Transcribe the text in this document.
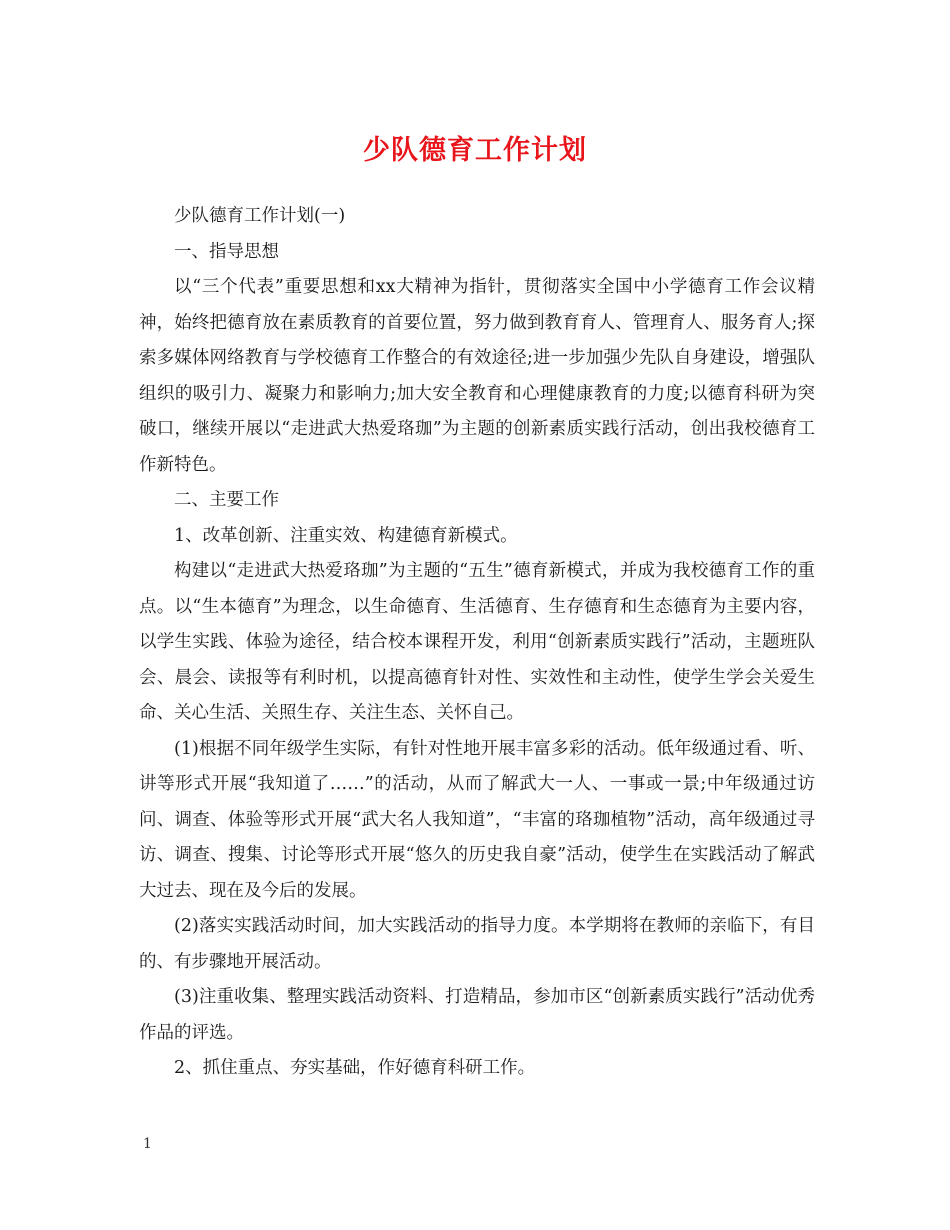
少队德育工作计划

少队德育工作计划(一)

一、指导思想

以“三个代表”重要思想和xx大精神为指针，贯彻落实全国中小学德育工作会议精神，始终把德育放在素质教育的首要位置，努力做到教育育人、管理育人、服务育人;探索多媒体网络教育与学校德育工作整合的有效途径;进一步加强少先队自身建设，增强队组织的吸引力、凝聚力和影响力;加大安全教育和心理健康教育的力度;以德育科研为突破口，继续开展以“走进武大热爱珞珈”为主题的创新素质实践行活动，创出我校德育工作新特色。

二、主要工作

1、改革创新、注重实效、构建德育新模式。

构建以“走进武大热爱珞珈”为主题的“五生”德育新模式，并成为我校德育工作的重点。以“生本德育”为理念，以生命德育、生活德育、生存德育和生态德育为主要内容，以学生实践、体验为途径，结合校本课程开发，利用“创新素质实践行”活动，主题班队会、晨会、读报等有利时机，以提高德育针对性、实效性和主动性，使学生学会关爱生命、关心生活、关照生存、关注生态、关怀自己。

(1)根据不同年级学生实际，有针对性地开展丰富多彩的活动。低年级通过看、听、讲等形式开展“我知道了……”的活动，从而了解武大一人、一事或一景;中年级通过访问、调查、体验等形式开展“武大名人我知道”，“丰富的珞珈植物”活动，高年级通过寻访、调查、搜集、讨论等形式开展“悠久的历史我自豪”活动，使学生在实践活动了解武大过去、现在及今后的发展。

(2)落实实践活动时间，加大实践活动的指导力度。本学期将在教师的亲临下，有目的、有步骤地开展活动。

(3)注重收集、整理实践活动资料、打造精品，参加市区“创新素质实践行”活动优秀作品的评选。

2、抓住重点、夯实基础，作好德育科研工作。

1
